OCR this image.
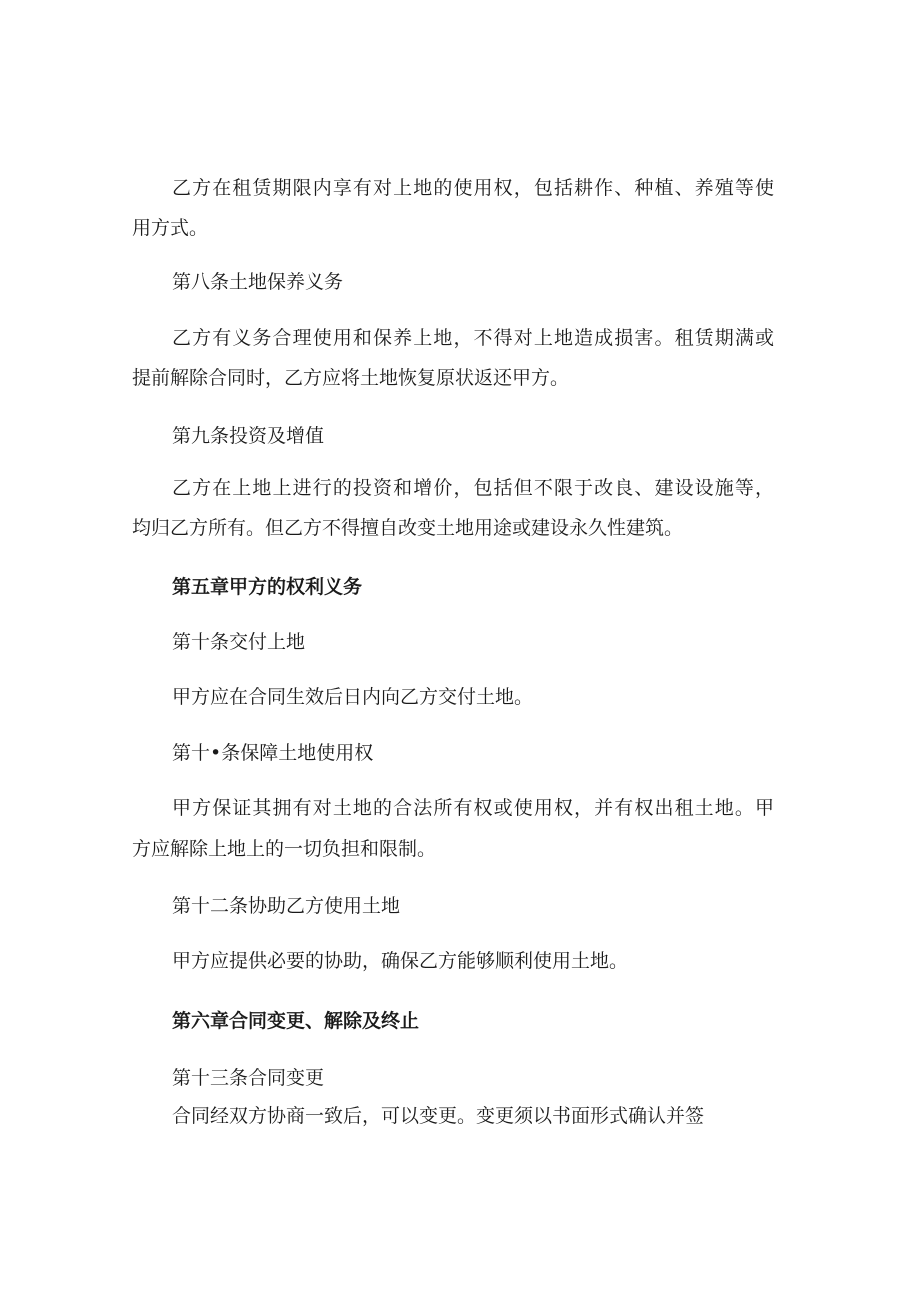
乙方在租赁期限内享有对上地的使用权，包括耕作、种植、养殖等使
用方式。
第八条土地保养义务
乙方有义务合理使用和保养上地，不得对上地造成损害。租赁期满或
提前解除合同时，乙方应将土地恢复原状返还甲方。
第九条投资及增值
乙方在上地上进行的投资和增价，包括但不限于改良、建设设施等，
均归乙方所有。但乙方不得擅自改变土地用途或建设永久性建筑。
第五章甲方的权利义务
第十条交付上地
甲方应在合同生效后日内向乙方交付土地。
第十•条保障土地使用权
甲方保证其拥有对土地的合法所有权或使用权，并有权出租土地。甲
方应解除上地上的一切负担和限制。
第十二条协助乙方使用土地
甲方应提供必要的协助，确保乙方能够顺利使用土地。
第六章合同变更、解除及终止
第十三条合同变更
合同经双方协商一致后，可以变更。变更须以书面形式确认并签
